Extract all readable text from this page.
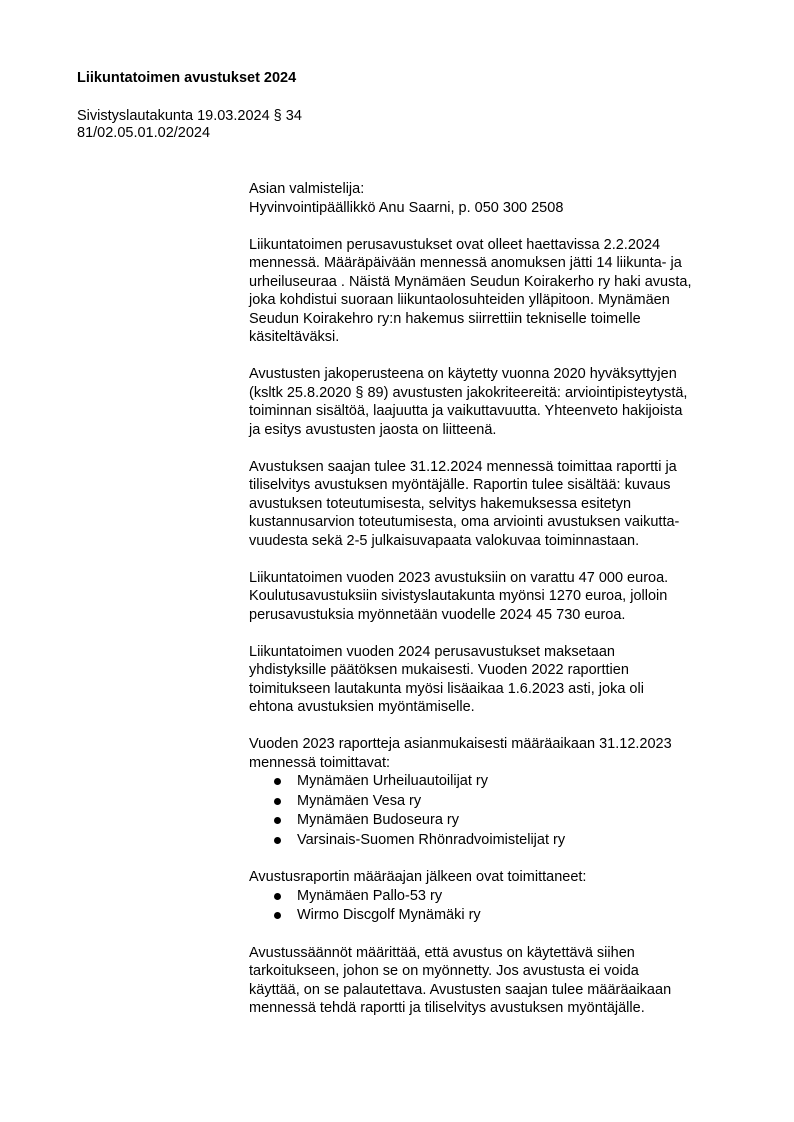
Liikuntatoimen avustukset 2024
Sivistyslautakunta 19.03.2024 § 34
81/02.05.01.02/2024

Asian valmistelija:

Hyvinvointipäällikkö Anu Saarni, p. 050 300 2508

Liikuntatoimen perusavustukset ovat olleet haettavissa 2.2.2024
mennessä. Määräpäivään mennessä anomuksen jätti 14 liikunta- ja
urheiluseuraa . Näistä Mynämäen Seudun Koirakerho ry haki avusta,
joka kohdistui suoraan liikuntaolosuhteiden ylläpitoon. Mynämäen
Seudun Koirakehro ry:n hakemus siirrettiin tekniselle toimelle
käsiteltäväksi.

Avustusten jakoperusteena on käytetty vuonna 2020 hyväksyttyjen
(ksltk 25.8.2020 § 89) avustusten jakokriteereitä: arviointipisteytystä,
toiminnan sisältöä, laajuutta ja vaikuttavuutta. Yhteenveto hakijoista
ja esitys avustusten jaosta on liitteenä.

Avustuksen saajan tulee 31.12.2024 mennessä toimittaa raportti ja
tiliselvitys avustuksen myöntäjälle. Raportin tulee sisältää: kuvaus
avustuksen toteutumisesta, selvitys hakemuksessa esitetyn
kustannusarvion toteutumisesta, oma arviointi avustuksen vaikutta-
vuudesta sekä 2-5 julkaisuvapaata valokuvaa toiminnastaan.

Liikuntatoimen vuoden 2023 avustuksiin on varattu 47 000 euroa.
Koulutusavustuksiin sivistyslautakunta myönsi 1270 euroa, jolloin
perusavustuksia myönnetään vuodelle 2024 45 730 euroa.

Liikuntatoimen vuoden 2024 perusavustukset maksetaan
yhdistyksille päätöksen mukaisesti. Vuoden 2022 raporttien
toimitukseen lautakunta myösi lisäaikaa 1.6.2023 asti, joka oli
ehtona avustuksien myöntämiselle.

Vuoden 2023 raportteja asianmukaisesti määräaikaan 31.12.2023
mennessä toimittavat:

Mynämäen Urheiluautoilijat ry
Mynämäen Vesa ry
Mynämäen Budoseura ry
Varsinais-Suomen Rhönradvoimistelijat ry

Avustusraportin määräajan jälkeen ovat toimittaneet:

Mynämäen Pallo-53 ry
Wirmo Discgolf Mynämäki ry

Avustussäännöt määrittää, että avustus on käytettävä siihen
tarkoitukseen, johon se on myönnetty. Jos avustusta ei voida
käyttää, on se palautettava. Avustusten saajan tulee määräaikaan
mennessä tehdä raportti ja tiliselvitys avustuksen myöntäjälle.
